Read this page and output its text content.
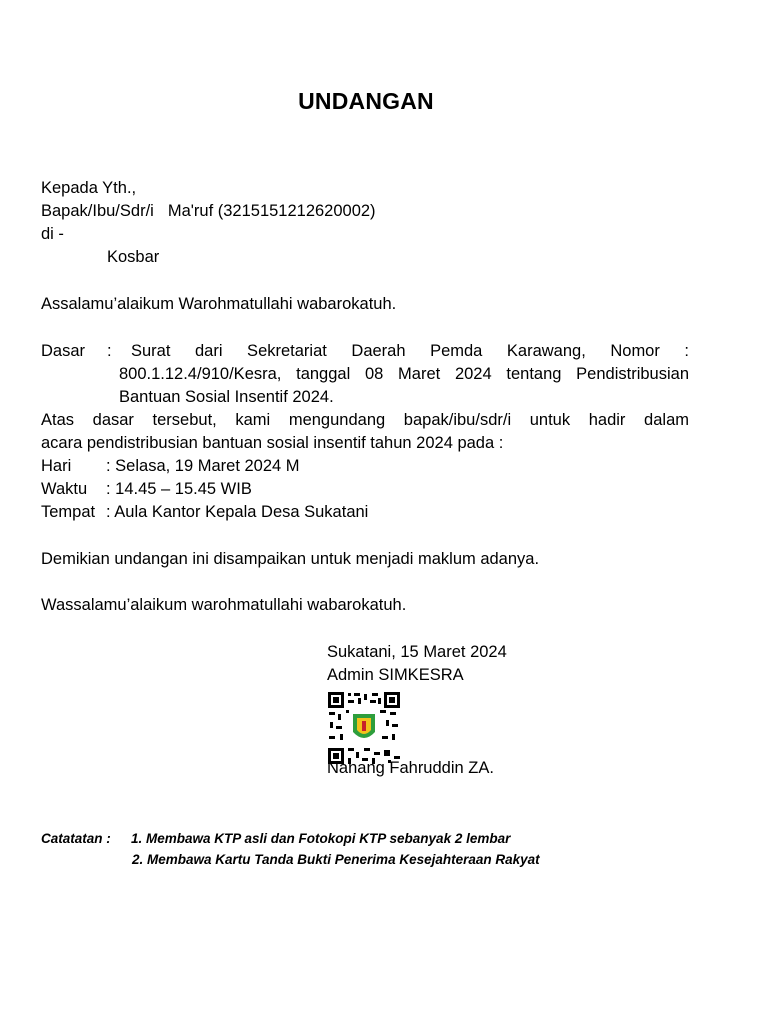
UNDANGAN
Kepada Yth.,
Bapak/Ibu/Sdr/i Ma'ruf (3215151212620002)
di -
Kosbar
Assalamu’alaikum Warohmatullahi wabarokatuh.
Dasar : Surat dari Sekretariat Daerah Pemda Karawang, Nomor :
800.1.12.4/910/Kesra, tanggal 08 Maret 2024 tentang Pendistribusian
Bantuan Sosial Insentif 2024.
Atas dasar tersebut, kami mengundang bapak/ibu/sdr/i untuk hadir dalam
acara pendistribusian bantuan sosial insentif tahun 2024 pada :
Hari : Selasa, 19 Maret 2024 M
Waktu : 14.45 – 15.45 WIB
Tempat : Aula Kantor Kepala Desa Sukatani
Demikian undangan ini disampaikan untuk menjadi maklum adanya.
Wassalamu’alaikum warohmatullahi wabarokatuh.
Sukatani, 15 Maret 2024
Admin SIMKESRA
Nanang Fahruddin ZA.
Catatatan : 1. Membawa KTP asli dan Fotokopi KTP sebanyak 2 lembar
2. Membawa Kartu Tanda Bukti Penerima Kesejahteraan Rakyat
